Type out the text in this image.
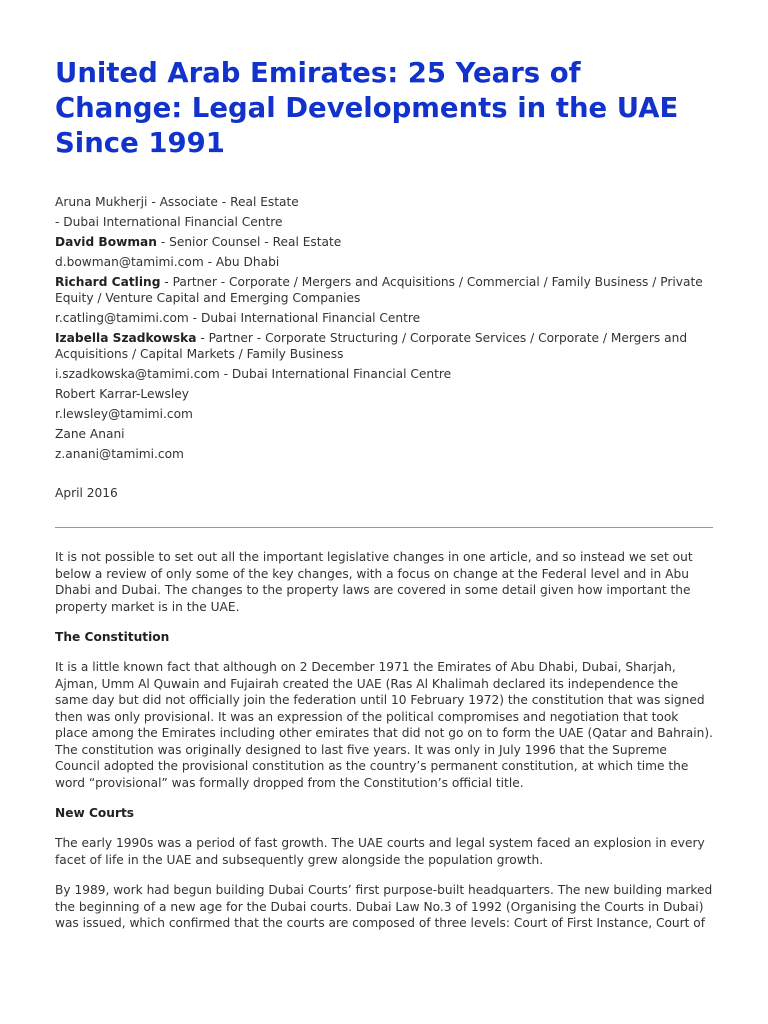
United Arab Emirates: 25 Years of Change: Legal Developments in the UAE Since 1991
Aruna Mukherji - Associate - Real Estate
- Dubai International Financial Centre
David Bowman - Senior Counsel - Real Estate
d.bowman@tamimi.com - Abu Dhabi
Richard Catling - Partner - Corporate / Mergers and Acquisitions / Commercial / Family Business / Private Equity / Venture Capital and Emerging Companies
r.catling@tamimi.com - Dubai International Financial Centre
Izabella Szadkowska - Partner - Corporate Structuring / Corporate Services / Corporate / Mergers and Acquisitions / Capital Markets / Family Business
i.szadkowska@tamimi.com - Dubai International Financial Centre
Robert Karrar-Lewsley
r.lewsley@tamimi.com
Zane Anani
z.anani@tamimi.com
April 2016

It is not possible to set out all the important legislative changes in one article, and so instead we set out below a review of only some of the key changes, with a focus on change at the Federal level and in Abu Dhabi and Dubai. The changes to the property laws are covered in some detail given how important the property market is in the UAE.

The Constitution

It is a little known fact that although on 2 December 1971 the Emirates of Abu Dhabi, Dubai, Sharjah, Ajman, Umm Al Quwain and Fujairah created the UAE (Ras Al Khalimah declared its independence the same day but did not officially join the federation until 10 February 1972) the constitution that was signed then was only provisional. It was an expression of the political compromises and negotiation that took place among the Emirates including other emirates that did not go on to form the UAE (Qatar and Bahrain). The constitution was originally designed to last five years. It was only in July 1996 that the Supreme Council adopted the provisional constitution as the country’s permanent constitution, at which time the word “provisional” was formally dropped from the Constitution’s official title.

New Courts

The early 1990s was a period of fast growth. The UAE courts and legal system faced an explosion in every facet of life in the UAE and subsequently grew alongside the population growth.

By 1989, work had begun building Dubai Courts’ first purpose-built headquarters. The new building marked the beginning of a new age for the Dubai courts. Dubai Law No.3 of 1992 (Organising the Courts in Dubai) was issued, which confirmed that the courts are composed of three levels: Court of First Instance, Court of
